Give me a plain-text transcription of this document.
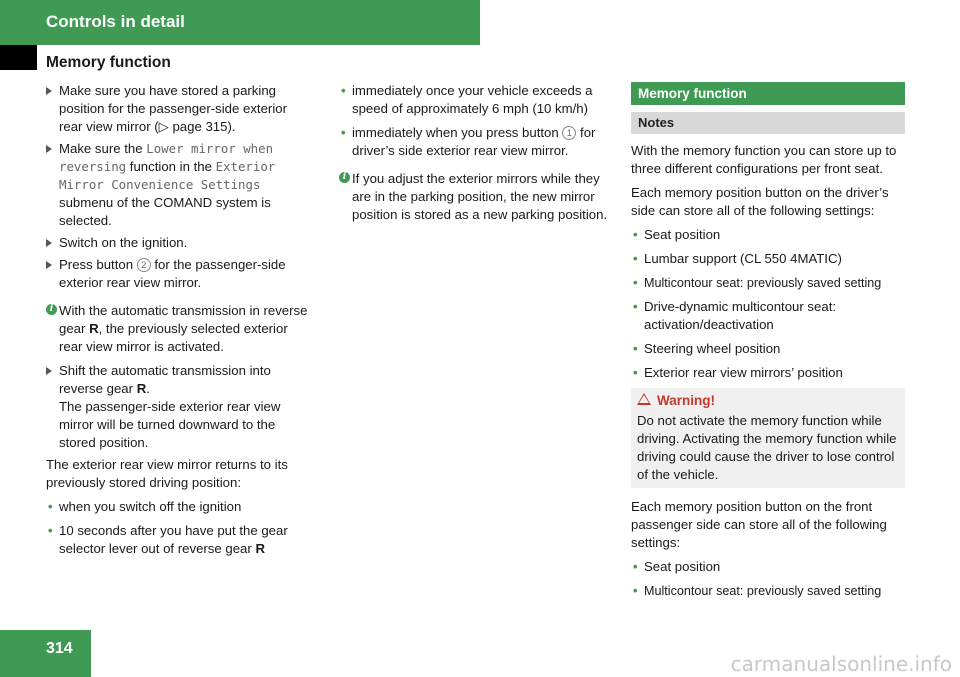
Controls in detail
Memory function
Make sure you have stored a parking position for the passenger-side exterior rear view mirror (▷ page 315).
Make sure the Lower mirror when reversing function in the Exterior Mirror Convenience Settings submenu of the COMAND system is selected.
Switch on the ignition.
Press button 2 for the passenger-side exterior rear view mirror.
i With the automatic transmission in reverse gear R, the previously selected exterior rear view mirror is activated.
Shift the automatic transmission into reverse gear R.
The passenger-side exterior rear view mirror will be turned downward to the stored position.
The exterior rear view mirror returns to its previously stored driving position:
• when you switch off the ignition
• 10 seconds after you have put the gear selector lever out of reverse gear R
• immediately once your vehicle exceeds a speed of approximately 6 mph (10 km/h)
• immediately when you press button 1 for driver’s side exterior rear view mirror.
i If you adjust the exterior mirrors while they are in the parking position, the new mirror position is stored as a new parking position.
Memory function
Notes
With the memory function you can store up to three different configurations per front seat.
Each memory position button on the driver’s side can store all of the following settings:
• Seat position
• Lumbar support (CL 550 4MATIC)
• Multicontour seat: previously saved setting
• Drive-dynamic multicontour seat: activation/deactivation
• Steering wheel position
• Exterior rear view mirrors’ position
Warning!
Do not activate the memory function while driving. Activating the memory function while driving could cause the driver to lose control of the vehicle.
Each memory position button on the front passenger side can store all of the following settings:
• Seat position
• Multicontour seat: previously saved setting
314
carmanualsonline.info
